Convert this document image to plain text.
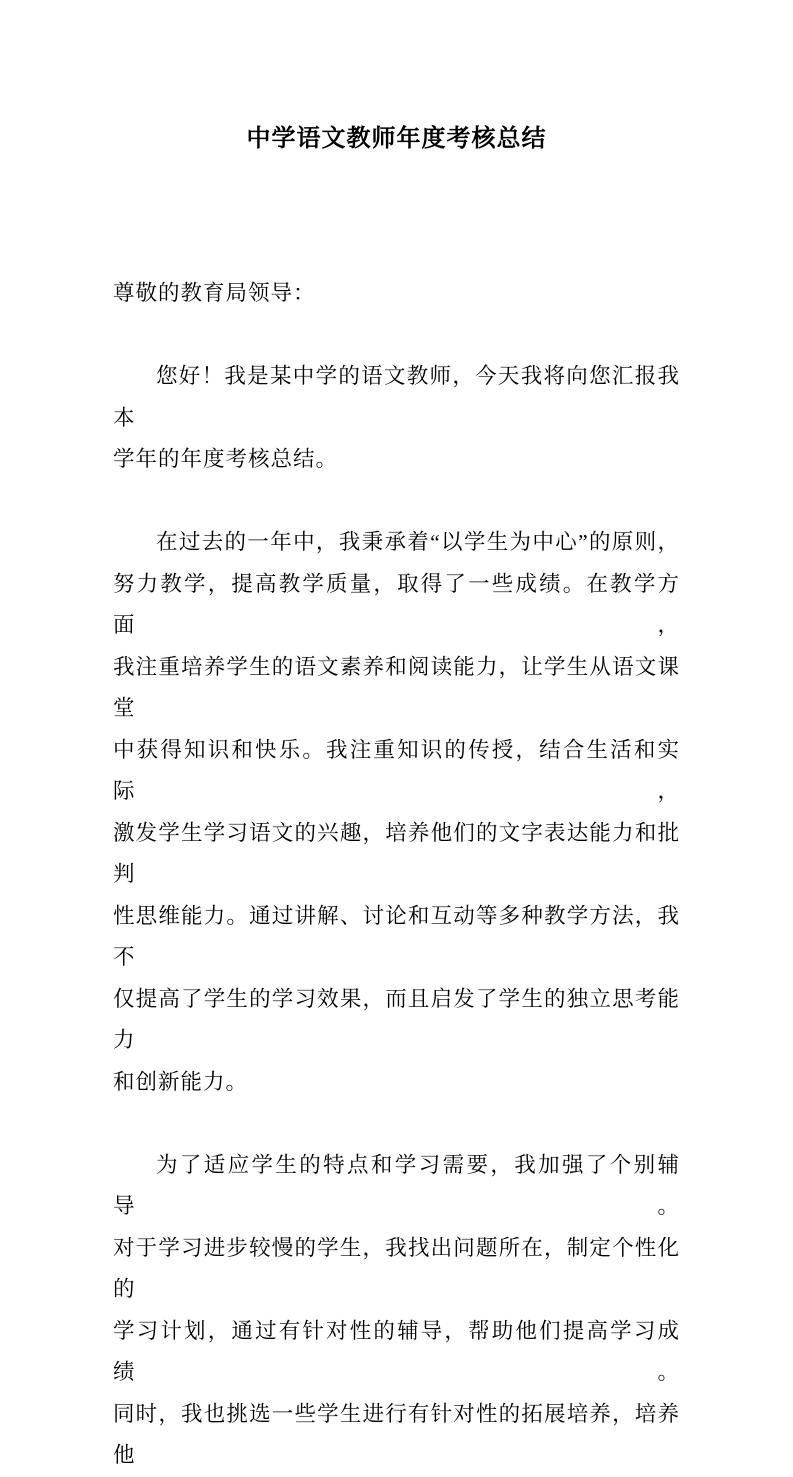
中学语文教师年度考核总结
尊敬的教育局领导：
您好！我是某中学的语文教师，今天我将向您汇报我本
学年的年度考核总结。
在过去的一年中，我秉承着“以学生为中心”的原则，
努力教学，提高教学质量，取得了一些成绩。在教学方面，
我注重培养学生的语文素养和阅读能力，让学生从语文课堂
中获得知识和快乐。我注重知识的传授，结合生活和实际，
激发学生学习语文的兴趣，培养他们的文字表达能力和批判
性思维能力。通过讲解、讨论和互动等多种教学方法，我不
仅提高了学生的学习效果，而且启发了学生的独立思考能力
和创新能力。
为了适应学生的特点和学习需要，我加强了个别辅导。
对于学习进步较慢的学生，我找出问题所在，制定个性化的
学习计划，通过有针对性的辅导，帮助他们提高学习成绩。
同时，我也挑选一些学生进行有针对性的拓展培养，培养他
